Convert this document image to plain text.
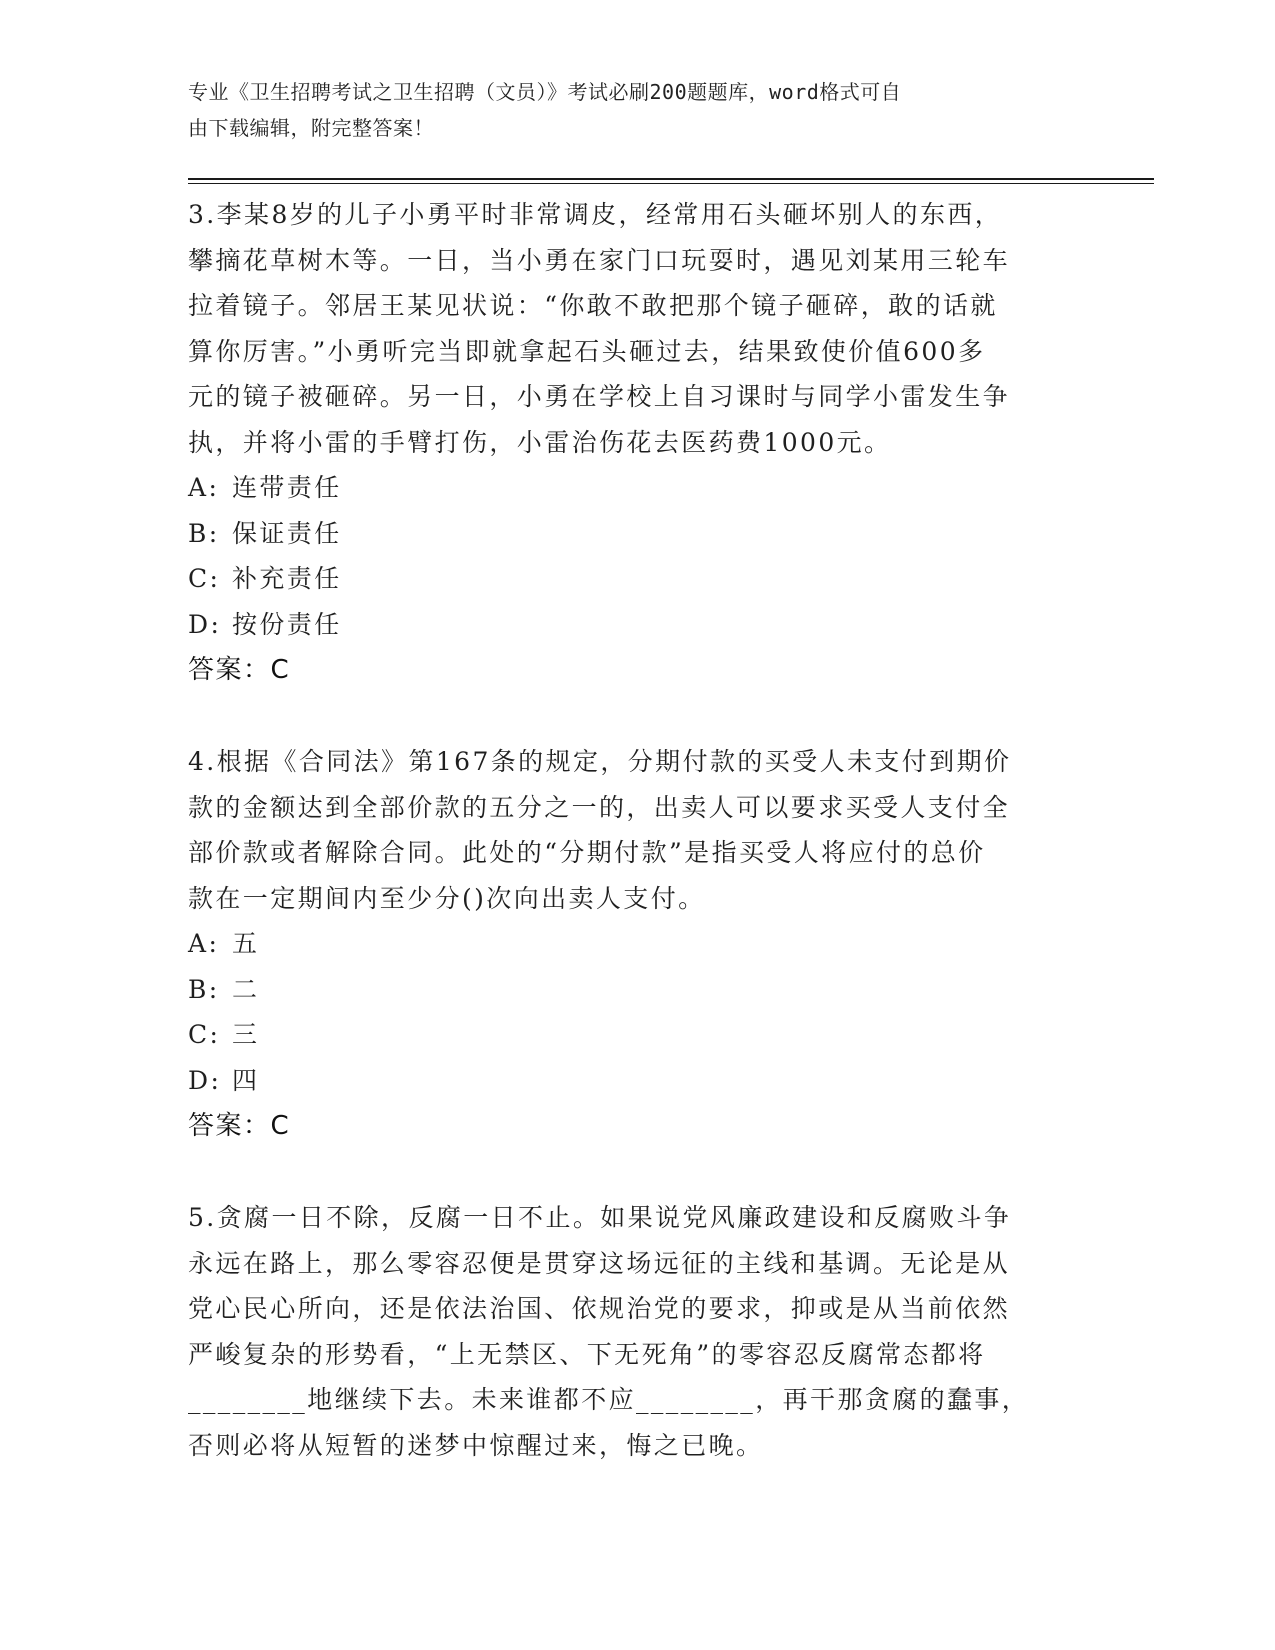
专业《卫生招聘考试之卫生招聘（文员）》考试必刷200题题库，word格式可自
由下载编辑，附完整答案！

3.李某8岁的儿子小勇平时非常调皮，经常用石头砸坏别人的东西，
攀摘花草树木等。一日，当小勇在家门口玩耍时，遇见刘某用三轮车
拉着镜子。邻居王某见状说：“你敢不敢把那个镜子砸碎，敢的话就
算你厉害。”小勇听完当即就拿起石头砸过去，结果致使价值600多
元的镜子被砸碎。另一日，小勇在学校上自习课时与同学小雷发生争
执，并将小雷的手臂打伤，小雷治伤花去医药费1000元。

A: 连带责任
B: 保证责任
C: 补充责任
D: 按份责任

答案：C

4.根据《合同法》第167条的规定，分期付款的买受人未支付到期价
款的金额达到全部价款的五分之一的，出卖人可以要求买受人支付全
部价款或者解除合同。此处的“分期付款”是指买受人将应付的总价
款在一定期间内至少分()次向出卖人支付。

A: 五
B: 二
C: 三
D: 四

答案：C

5.贪腐一日不除，反腐一日不止。如果说党风廉政建设和反腐败斗争
永远在路上，那么零容忍便是贯穿这场远征的主线和基调。无论是从
党心民心所向，还是依法治国、依规治党的要求，抑或是从当前依然
严峻复杂的形势看，“上无禁区、下无死角”的零容忍反腐常态都将
________地继续下去。未来谁都不应________，再干那贪腐的蠢事，
否则必将从短暂的迷梦中惊醒过来，悔之已晚。
